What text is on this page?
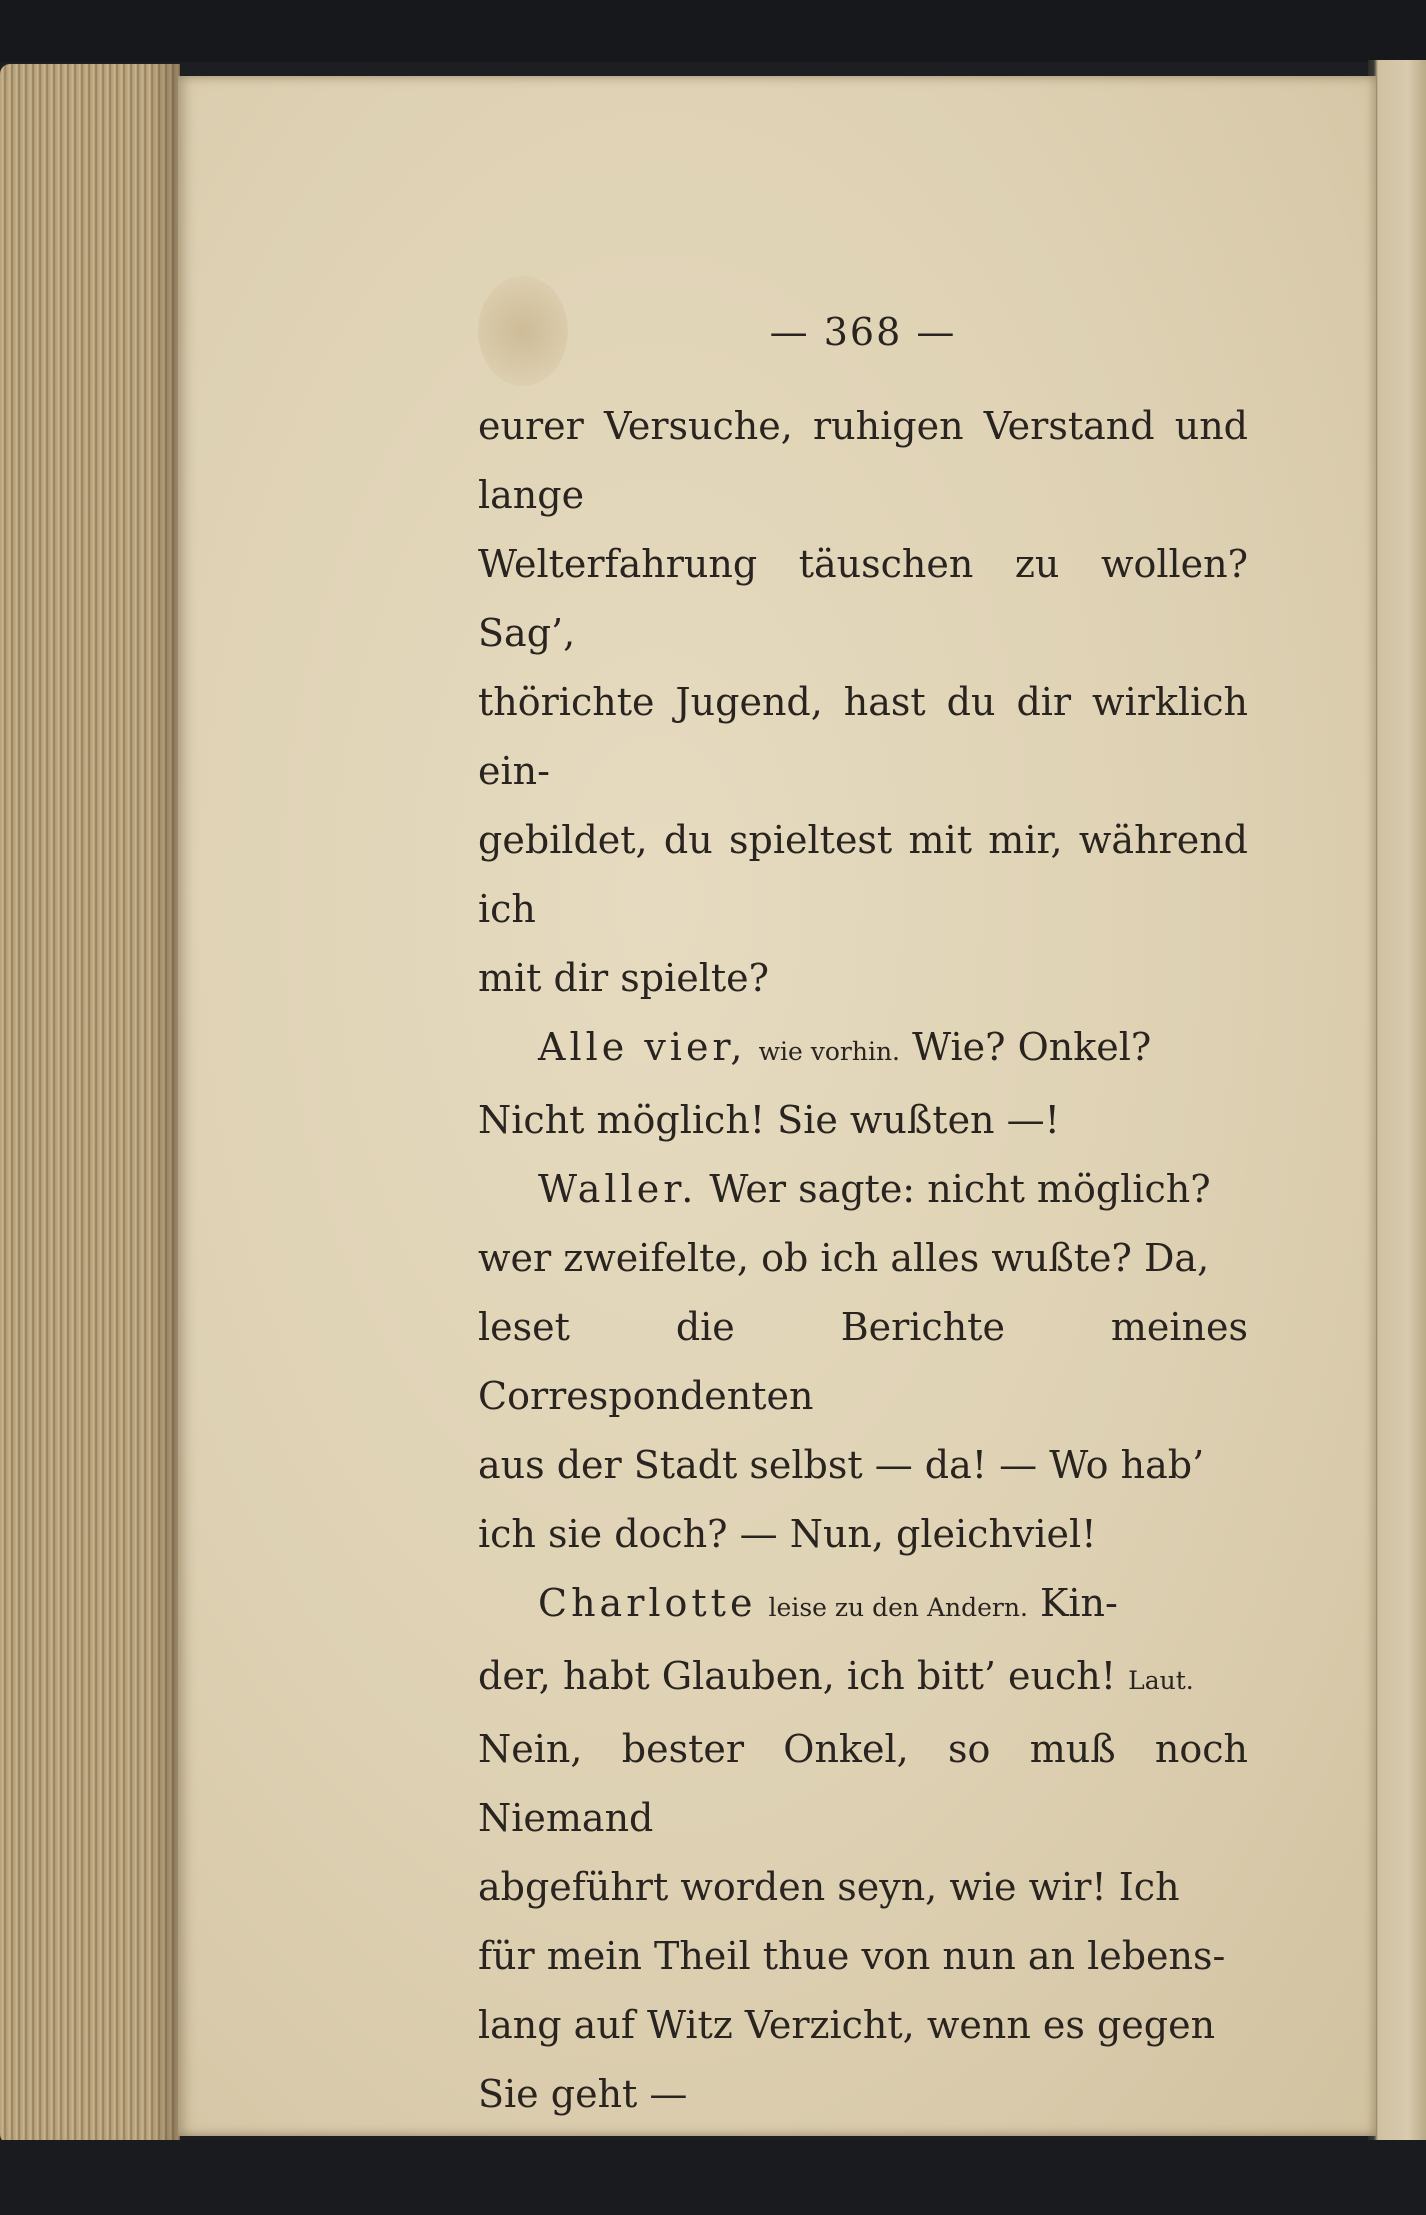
— 368 —

eurer Versuche, ruhigen Verstand und lange
Welterfahrung täuschen zu wollen? Sag’,
thörichte Jugend, hast du dir wirklich ein-
gebildet, du spieltest mit mir, während ich
mit dir spielte?

Alle vier, wie vorhin. Wie? Onkel?
Nicht möglich! Sie wußten —!

Waller. Wer sagte: nicht möglich?
wer zweifelte, ob ich alles wußte? Da,
leset die Berichte meines Correspondenten
aus der Stadt selbst — da! — Wo hab’
ich sie doch? — Nun, gleichviel!

Charlotte leise zu den Andern. Kin-
der, habt Glauben, ich bitt’ euch! Laut.
Nein, bester Onkel, so muß noch Niemand
abgeführt worden seyn, wie wir! Ich
für mein Theil thue von nun an lebens-
lang auf Witz Verzicht, wenn es gegen
Sie geht —
